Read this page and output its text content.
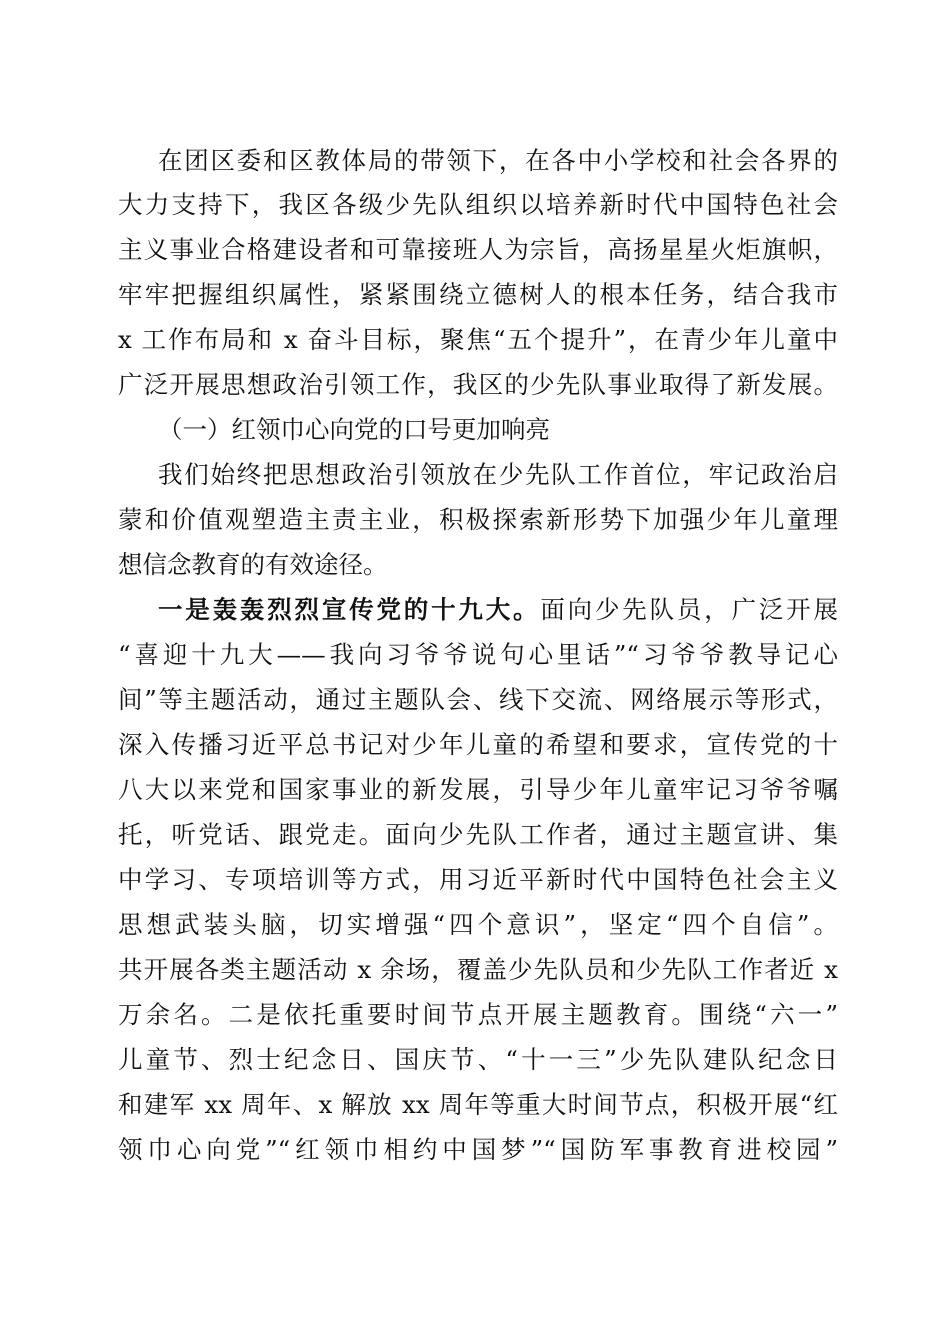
在团区委和区教体局的带领下，在各中小学校和社会各界的
大力支持下，我区各级少先队组织以培养新时代中国特色社会
主义事业合格建设者和可靠接班人为宗旨，高扬星星火炬旗帜，
牢牢把握组织属性，紧紧围绕立德树人的根本任务，结合我市
x 工作布局和 x 奋斗目标，聚焦“五个提升”，在青少年儿童中
广泛开展思想政治引领工作，我区的少先队事业取得了新发展。
（一）红领巾心向党的口号更加响亮
我们始终把思想政治引领放在少先队工作首位，牢记政治启
蒙和价值观塑造主责主业，积极探索新形势下加强少年儿童理
想信念教育的有效途径。
一是轰轰烈烈宣传党的十九大。面向少先队员，广泛开展
“喜迎十九大——我向习爷爷说句心里话”“习爷爷教导记心
间”等主题活动，通过主题队会、线下交流、网络展示等形式，
深入传播习近平总书记对少年儿童的希望和要求，宣传党的十
八大以来党和国家事业的新发展，引导少年儿童牢记习爷爷嘱
托，听党话、跟党走。面向少先队工作者，通过主题宣讲、集
中学习、专项培训等方式，用习近平新时代中国特色社会主义
思想武装头脑，切实增强“四个意识”，坚定“四个自信”。
共开展各类主题活动 x 余场，覆盖少先队员和少先队工作者近 x
万余名。二是依托重要时间节点开展主题教育。围绕“六一”
儿童节、烈士纪念日、国庆节、“十一三”少先队建队纪念日
和建军 xx 周年、x 解放 xx 周年等重大时间节点，积极开展“红
领巾心向党”“红领巾相约中国梦”“国防军事教育进校园”
